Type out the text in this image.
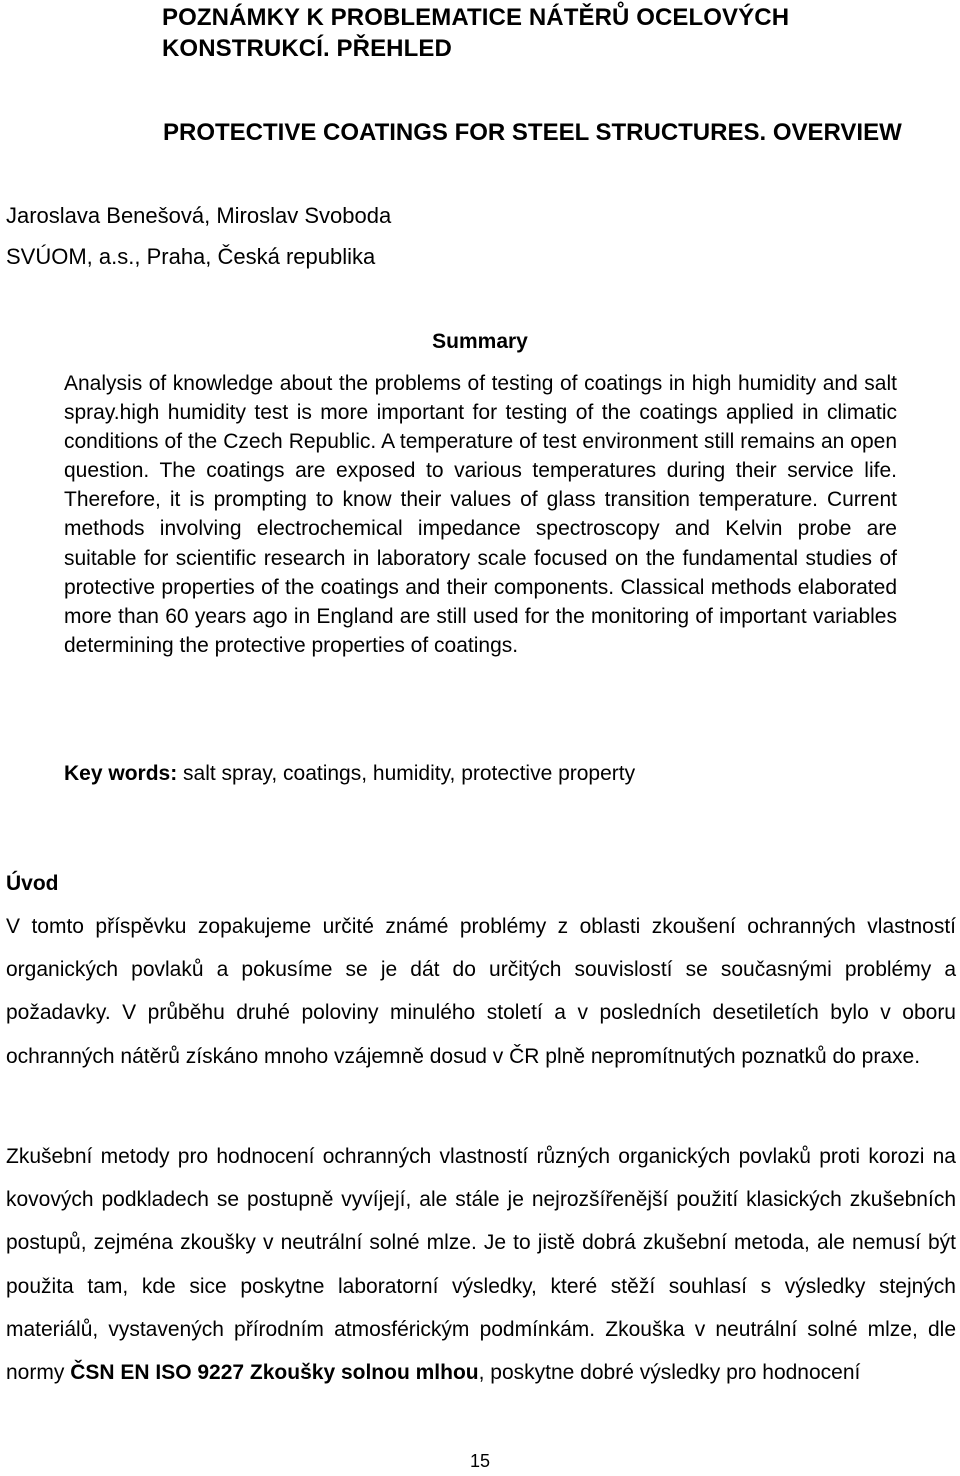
POZNÁMKY K PROBLEMATICE NÁTĚRŮ OCELOVÝCH KONSTRUKCÍ. PŘEHLED
PROTECTIVE COATINGS FOR STEEL STRUCTURES. OVERVIEW
Jaroslava Benešová, Miroslav Svoboda
SVÚOM, a.s., Praha, Česká republika
Summary

Analysis of knowledge about the problems of testing of coatings in high humidity and salt spray.high humidity test is more important for testing of the coatings applied in climatic conditions of the Czech Republic. A temperature of test environment still remains an open question. The coatings are exposed to various temperatures during their service life. Therefore, it is prompting to know their values of glass transition temperature. Current methods involving electrochemical impedance spectroscopy and Kelvin probe are suitable for scientific research in laboratory scale focused on the fundamental studies of protective properties of the coatings and their components. Classical methods elaborated more than 60 years ago in England are still used for the monitoring of important variables determining the protective properties of coatings.

Key words: salt spray, coatings, humidity, protective property

Úvod

V tomto příspěvku zopakujeme určité známé problémy z oblasti zkoušení ochranných vlastností organických povlaků a pokusíme se je dát do určitých souvislostí se současnými problémy a požadavky. V průběhu druhé poloviny minulého století a v posledních desetiletích bylo v oboru ochranných nátěrů získáno mnoho vzájemně dosud v ČR plně nepromítnutých poznatků do praxe.

Zkušební metody pro hodnocení ochranných vlastností různých organických povlaků proti korozi na kovových podkladech se postupně vyvíjejí, ale stále je nejrozšířenější použití klasických zkušebních postupů, zejména zkoušky v neutrální solné mlze. Je to jistě dobrá zkušební metoda, ale nemusí být použita tam, kde sice poskytne laboratorní výsledky, které stěží souhlasí s výsledky stejných materiálů, vystavených přírodním atmosférickým podmínkám. Zkouška v neutrální solné mlze, dle normy ČSN EN ISO 9227 Zkoušky solnou mlhou, poskytne dobré výsledky pro hodnocení

15
